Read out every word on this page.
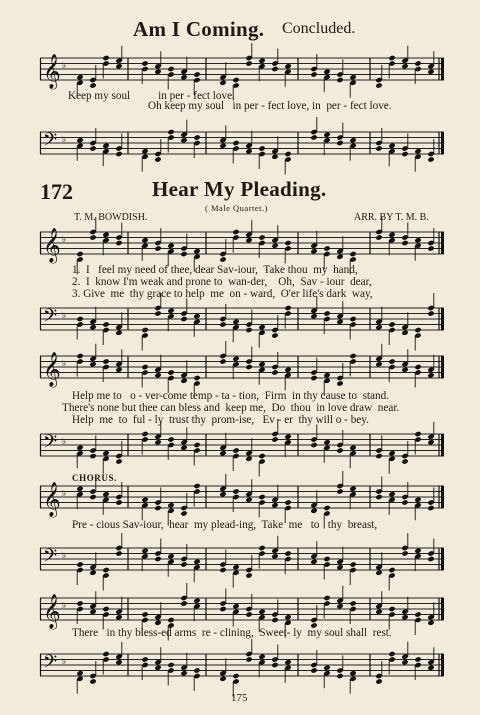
Am I Coming. Concluded.
𝄞 ♭
Keep my soul          in per - fect love.
Oh keep my soul   in per - fect love, in  per - fect love.
𝄢 ♭
172	Hear My Pleading.
( Male Quartet.)
T. M. BOWDISH.	ARR. BY T. M. B.
𝄞 ♭
1.  I   feel my need of thee, dear Sav-iour,  Take thou  my  hand,
2.  I  know I'm weak and prone to  wan-der,    Oh,  Sav - iour  dear,
3. Give  me  thy grace to help  me  on - ward,  O'er life's dark  way,
𝄢 ♭
𝄞 ♭
Help me to   o - ver-come temp - ta - tion,  Firm  in thy cause to  stand.
There's none but thee can bless and  keep me,  Do  thou  in love draw  near.
Help  me  to  ful - ly  trust thy  prom-ise,   Ev - er  thy will o - bey.
𝄢 ♭
CHORUS.
𝄞 ♭
Pre - cious Sav-iour,  hear  my plead-ing,  Take  me   to   thy  breast,
𝄢 ♭
𝄞 ♭
There   in thy bless-ed arms  re - clining,  Sweet- ly  my soul shall  rest.
𝄢 ♭
175
